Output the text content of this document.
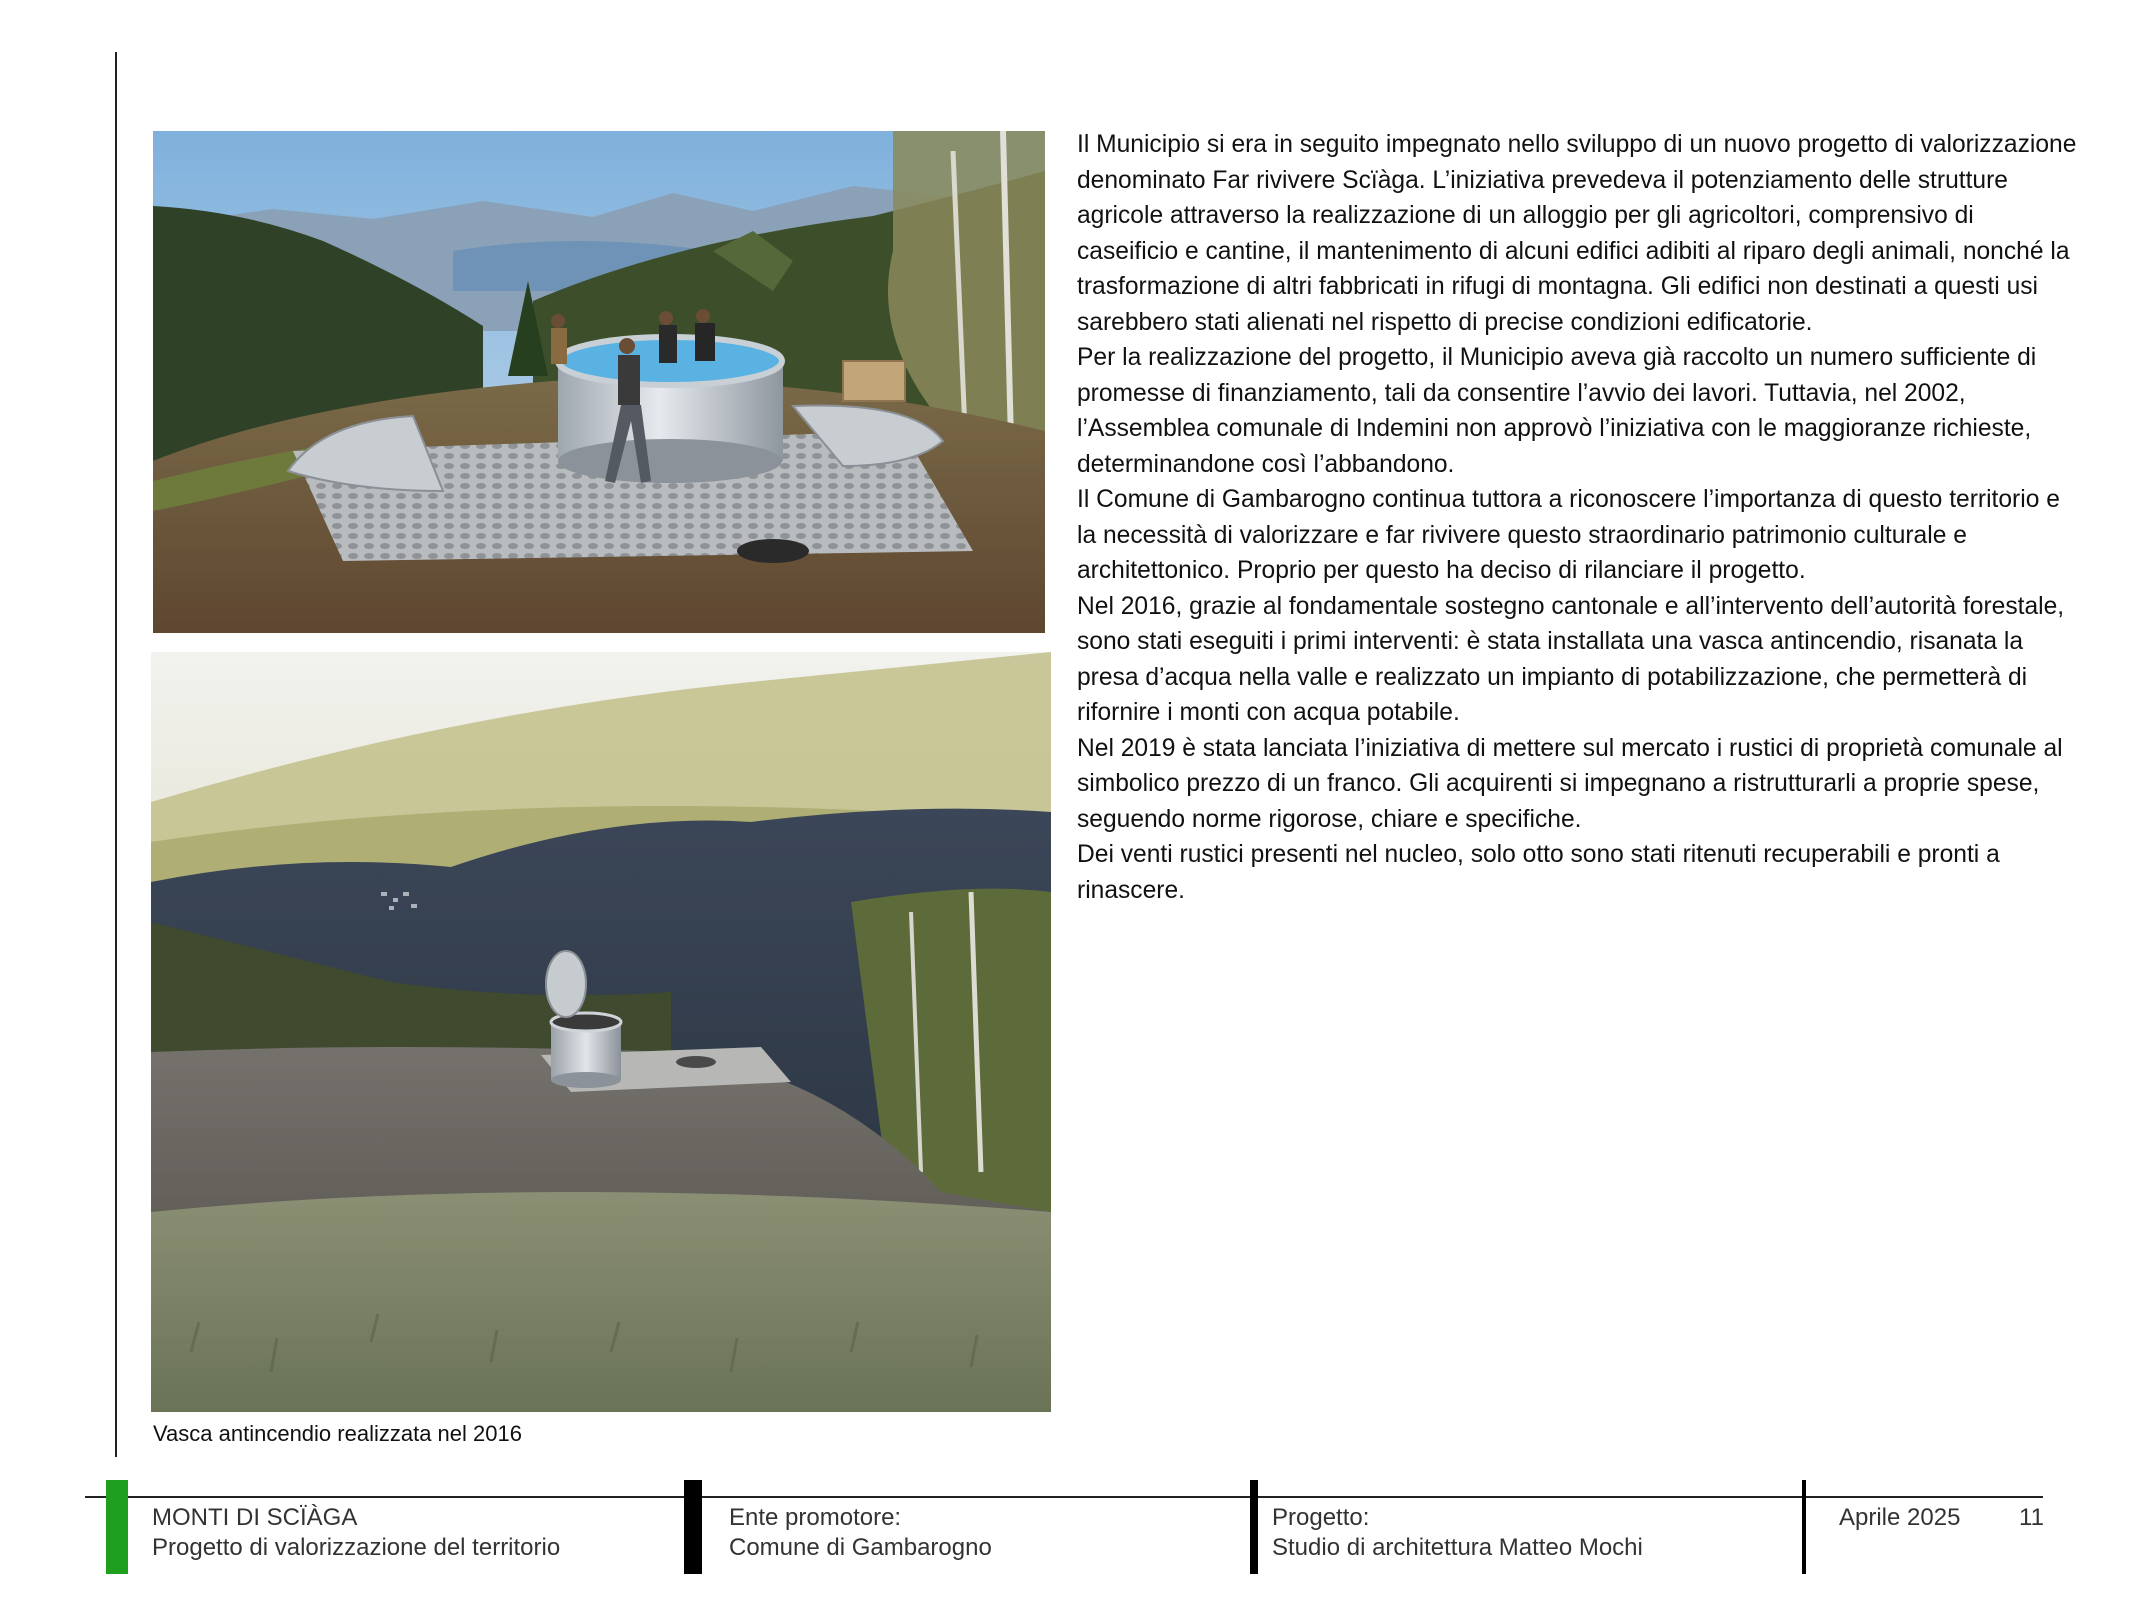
Vasca antincendio realizzata nel 2016

Il Municipio si era in seguito impegnato nello sviluppo di un nuovo progetto di valorizzazione denominato Far rivivere Scïàga. L’iniziativa prevedeva il potenziamento delle strutture agricole attraverso la realizzazione di un alloggio per gli agricoltori, comprensivo di caseificio e cantine, il mantenimento di alcuni edifici adibiti al riparo degli animali, nonché la trasformazione di altri fabbricati in rifugi di montagna. Gli edifici non destinati a questi usi sarebbero stati alienati nel rispetto di precise condizioni edificatorie.

Per la realizzazione del progetto, il Municipio aveva già raccolto un numero sufficiente di promesse di finanziamento, tali da consentire l’avvio dei lavori. Tuttavia, nel 2002, l’Assemblea comunale di Indemini non approvò l’iniziativa con le maggioranze richieste, determinandone così l’abbandono.

Il Comune di Gambarogno continua tuttora a riconoscere l’importanza di questo territorio e la necessità di valorizzare e far rivivere questo straordinario patrimonio culturale e architettonico. Proprio per questo ha deciso di rilanciare il progetto.

Nel 2016, grazie al fondamentale sostegno cantonale e all’intervento dell’autorità forestale, sono stati eseguiti i primi interventi: è stata installata una vasca antincendio, risanata la presa d’acqua nella valle e realizzato un impianto di potabilizzazione, che permetterà di rifornire i monti con acqua potabile.

Nel 2019 è stata lanciata l’iniziativa di mettere sul mercato i rustici di proprietà comunale al simbolico prezzo di un franco. Gli acquirenti si impegnano a ristrutturarli a proprie spese, seguendo norme rigorose, chiare e specifiche.

Dei venti rustici presenti nel nucleo, solo otto sono stati ritenuti recuperabili e pronti a rinascere.

MONTI DI SCÏÀGA
Progetto di valorizzazione del territorio
Ente promotore:
Comune di Gambarogno
Progetto:
Studio di architettura Matteo Mochi
Aprile 2025 11
